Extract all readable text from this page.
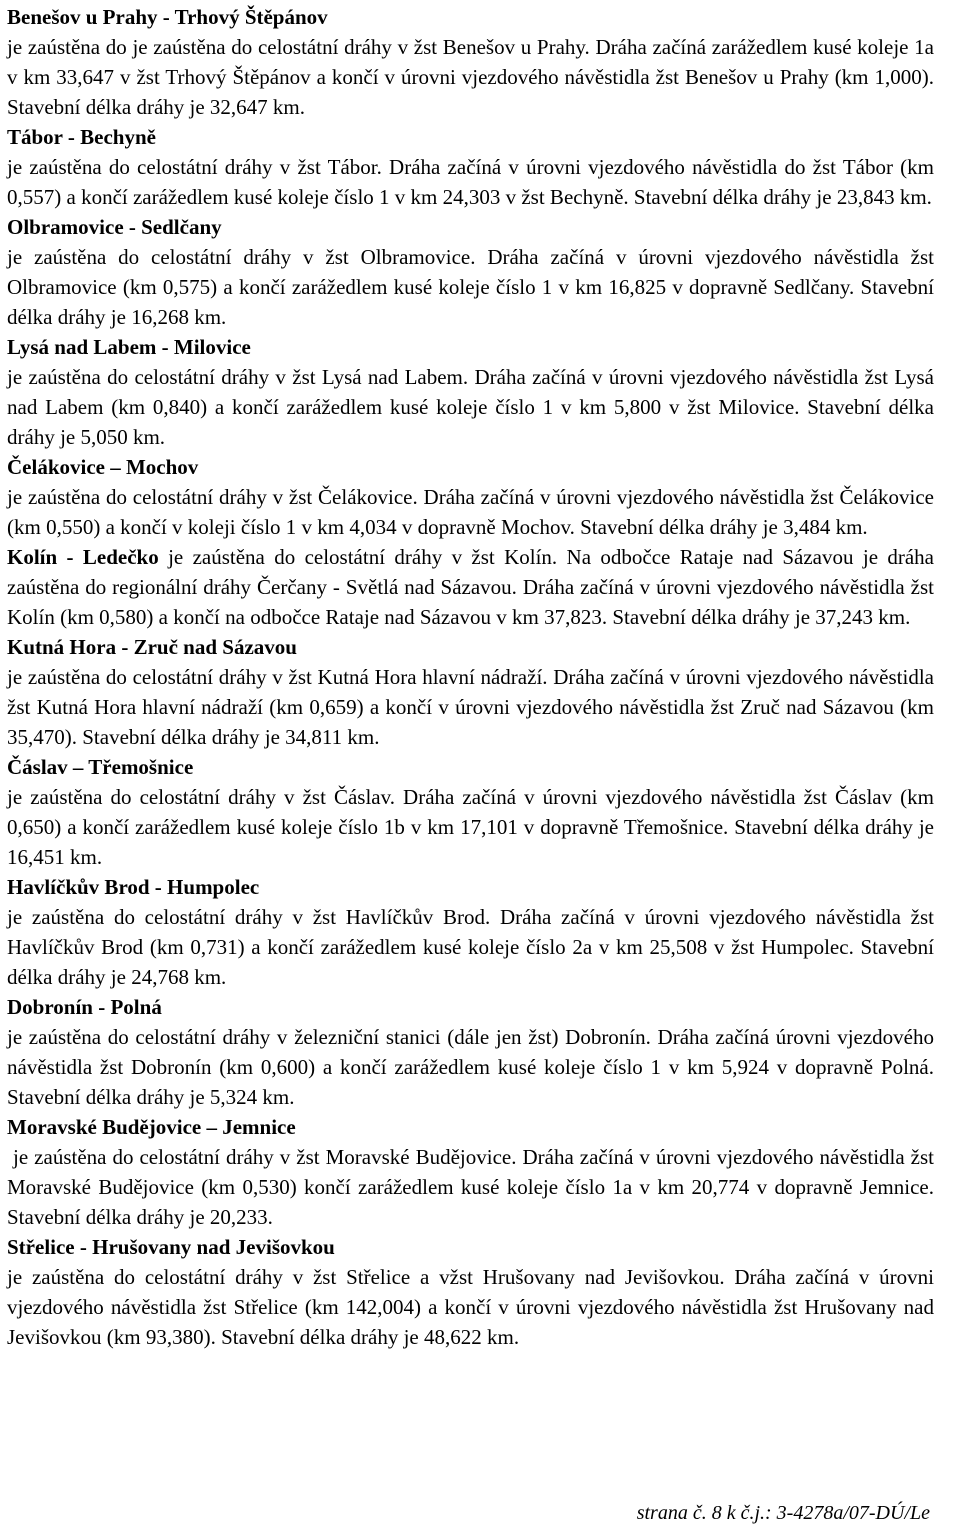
Benešov u Prahy - Trhový Štěpánov

je zaústěna do je zaústěna do celostátní dráhy v žst Benešov u Prahy. Dráha začíná zarážedlem kusé koleje 1a v km 33,647 v žst Trhový Štěpánov a končí v úrovni vjezdového návěstidla žst Benešov u Prahy (km 1,000). Stavební délka dráhy je 32,647 km.

Tábor - Bechyně

je zaústěna do celostátní dráhy v žst Tábor. Dráha začíná v úrovni vjezdového návěstidla do žst Tábor (km 0,557) a končí zarážedlem kusé koleje číslo 1 v km 24,303 v žst Bechyně. Stavební délka dráhy je 23,843 km.

Olbramovice - Sedlčany

je zaústěna do celostátní dráhy v žst Olbramovice. Dráha začíná v úrovni vjezdového návěstidla žst Olbramovice (km 0,575) a končí zarážedlem kusé koleje číslo 1 v km 16,825 v dopravně Sedlčany. Stavební délka dráhy je 16,268 km.

Lysá nad Labem - Milovice

je zaústěna do celostátní dráhy v žst Lysá nad Labem. Dráha začíná v úrovni vjezdového návěstidla žst Lysá nad Labem (km 0,840) a končí zarážedlem kusé koleje číslo 1 v km 5,800 v žst Milovice. Stavební délka dráhy je 5,050 km.

Čelákovice – Mochov

je zaústěna do celostátní dráhy v žst Čelákovice. Dráha začíná v úrovni vjezdového návěstidla žst Čelákovice (km 0,550) a končí v koleji číslo 1 v km 4,034 v dopravně Mochov. Stavební délka dráhy je 3,484 km.

Kolín - Ledečko je zaústěna do celostátní dráhy v žst Kolín. Na odbočce Rataje nad Sázavou je dráha zaústěna do regionální dráhy Čerčany - Světlá nad Sázavou. Dráha začíná v úrovni vjezdového návěstidla žst Kolín (km 0,580) a končí na odbočce Rataje nad Sázavou v km 37,823. Stavební délka dráhy je 37,243 km.

Kutná Hora - Zruč nad Sázavou

je zaústěna do celostátní dráhy v žst Kutná Hora hlavní nádraží. Dráha začíná v úrovni vjezdového návěstidla žst Kutná Hora hlavní nádraží (km 0,659) a končí v úrovni vjezdového návěstidla žst Zruč nad Sázavou (km 35,470). Stavební délka dráhy je 34,811 km.

Čáslav – Třemošnice

je zaústěna do celostátní dráhy v žst Čáslav. Dráha začíná v úrovni vjezdového návěstidla žst Čáslav (km 0,650) a končí zarážedlem kusé koleje číslo 1b v km 17,101 v dopravně Třemošnice. Stavební délka dráhy je 16,451 km.

Havlíčkův Brod - Humpolec

je zaústěna do celostátní dráhy v žst Havlíčkův Brod. Dráha začíná v úrovni vjezdového návěstidla žst Havlíčkův Brod (km 0,731) a končí zarážedlem kusé koleje číslo 2a v km 25,508 v žst Humpolec. Stavební délka dráhy je 24,768 km.

Dobronín - Polná

je zaústěna do celostátní dráhy v železniční stanici (dále jen žst) Dobronín. Dráha začíná úrovni vjezdového návěstidla žst Dobronín (km 0,600) a končí zarážedlem kusé koleje číslo 1 v km 5,924 v dopravně Polná. Stavební délka dráhy je 5,324 km.

Moravské Budějovice – Jemnice

je zaústěna do celostátní dráhy v žst Moravské Budějovice. Dráha začíná v úrovni vjezdového návěstidla žst Moravské Budějovice (km 0,530) končí zarážedlem kusé koleje číslo 1a v km 20,774 v dopravně Jemnice. Stavební délka dráhy je 20,233.

Střelice - Hrušovany nad Jevišovkou

je zaústěna do celostátní dráhy v žst Střelice a vžst Hrušovany nad Jevišovkou. Dráha začíná v úrovni vjezdového návěstidla žst Střelice (km 142,004) a končí v úrovni vjezdového návěstidla žst Hrušovany nad Jevišovkou (km 93,380). Stavební délka dráhy je 48,622 km.

strana č. 8 k č.j.: 3-4278a/07-DÚ/Le
